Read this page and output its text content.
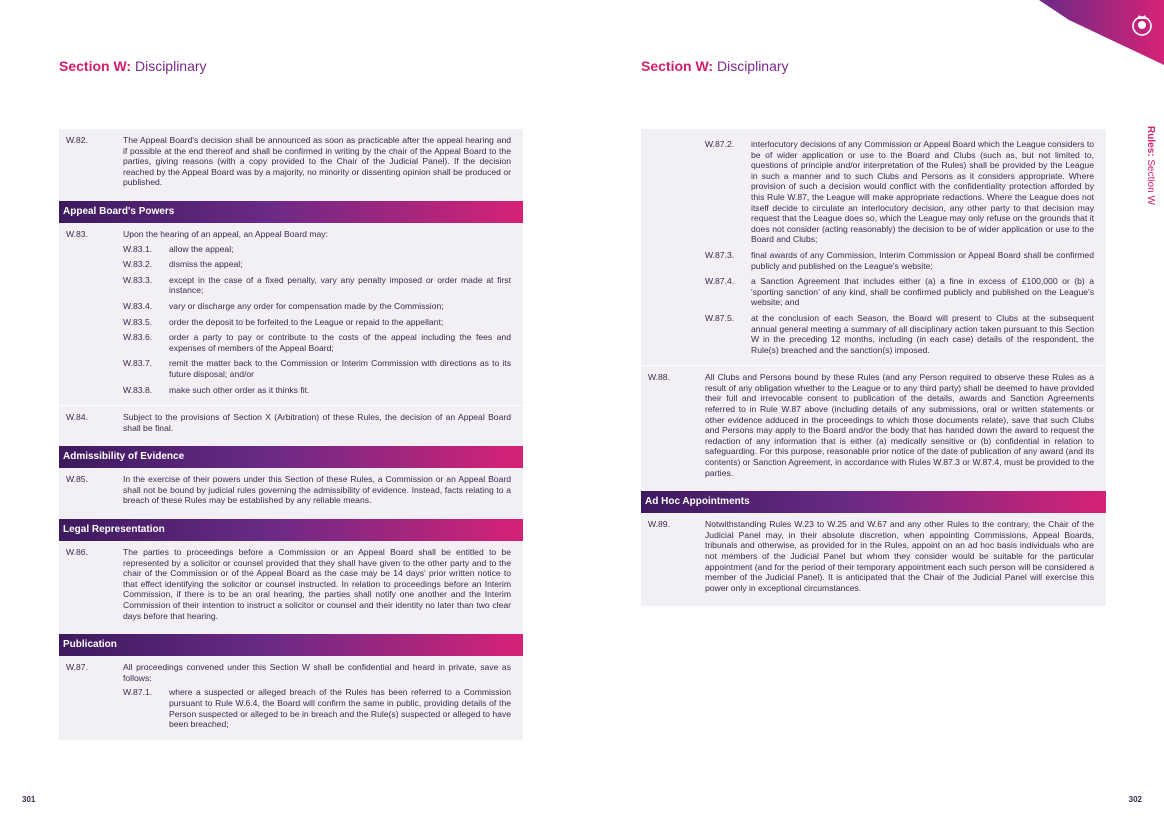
Section W: Disciplinary	Section W: Disciplinary
Rules: Section W
W.82.	The Appeal Board's decision shall be announced as soon as practicable after the appeal hearing and if possible at the end thereof and shall be confirmed in writing by the chair of the Appeal Board to the parties, giving reasons (with a copy provided to the Chair of the Judicial Panel). If the decision reached by the Appeal Board was by a majority, no minority or dissenting opinion shall be produced or published.
Appeal Board's Powers
W.83.	Upon the hearing of an appeal, an Appeal Board may:
W.83.1.	allow the appeal;
W.83.2.	dismiss the appeal;
W.83.3.	except in the case of a fixed penalty, vary any penalty imposed or order made at first instance;
W.83.4.	vary or discharge any order for compensation made by the Commission;
W.83.5.	order the deposit to be forfeited to the League or repaid to the appellant;
W.83.6.	order a party to pay or contribute to the costs of the appeal including the fees and expenses of members of the Appeal Board;
W.83.7.	remit the matter back to the Commission or Interim Commission with directions as to its future disposal; and/or
W.83.8.	make such other order as it thinks fit.
W.84.	Subject to the provisions of Section X (Arbitration) of these Rules, the decision of an Appeal Board shall be final.
Admissibility of Evidence
W.85.	In the exercise of their powers under this Section of these Rules, a Commission or an Appeal Board shall not be bound by judicial rules governing the admissibility of evidence. Instead, facts relating to a breach of these Rules may be established by any reliable means.
Legal Representation
W.86.	The parties to proceedings before a Commission or an Appeal Board shall be entitled to be represented by a solicitor or counsel provided that they shall have given to the other party and to the chair of the Commission or of the Appeal Board as the case may be 14 days' prior written notice to that effect identifying the solicitor or counsel instructed. In relation to proceedings before an Interim Commission, if there is to be an oral hearing, the parties shall notify one another and the Interim Commission of their intention to instruct a solicitor or counsel and their identity no later than two clear days before that hearing.
Publication
W.87.	All proceedings convened under this Section W shall be confidential and heard in private, save as follows:
W.87.1.	where a suspected or alleged breach of the Rules has been referred to a Commission pursuant to Rule W.6.4, the Board will confirm the same in public, providing details of the Person suspected or alleged to be in breach and the Rule(s) suspected or alleged to have been breached;
W.87.2.	interlocutory decisions of any Commission or Appeal Board which the League considers to be of wider application or use to the Board and Clubs (such as, but not limited to, questions of principle and/or interpretation of the Rules) shall be provided by the League in such a manner and to such Clubs and Persons as it considers appropriate. Where provision of such a decision would conflict with the confidentiality protection afforded by this Rule W.87, the League will make appropriate redactions. Where the League does not itself decide to circulate an interlocutory decision, any other party to that decision may request that the League does so, which the League may only refuse on the grounds that it does not consider (acting reasonably) the decision to be of wider application or use to the Board and Clubs;
W.87.3.	final awards of any Commission, Interim Commission or Appeal Board shall be confirmed publicly and published on the League's website;
W.87.4.	a Sanction Agreement that includes either (a) a fine in excess of £100,000 or (b) a 'sporting sanction' of any kind, shall be confirmed publicly and published on the League's website; and
W.87.5.	at the conclusion of each Season, the Board will present to Clubs at the subsequent annual general meeting a summary of all disciplinary action taken pursuant to this Section W in the preceding 12 months, including (in each case) details of the respondent, the Rule(s) breached and the sanction(s) imposed.
W.88.	All Clubs and Persons bound by these Rules (and any Person required to observe these Rules as a result of any obligation whether to the League or to any third party) shall be deemed to have provided their full and irrevocable consent to publication of the details, awards and Sanction Agreements referred to in Rule W.87 above (including details of any submissions, oral or written statements or other evidence adduced in the proceedings to which those documents relate), save that such Clubs and Persons may apply to the Board and/or the body that has handed down the award to request the redaction of any information that is either (a) medically sensitive or (b) confidential in relation to safeguarding. For this purpose, reasonable prior notice of the date of publication of any award (and its contents) or Sanction Agreement, in accordance with Rules W.87.3 or W.87.4, must be provided to the parties.
Ad Hoc Appointments
W.89.	Notwithstanding Rules W.23 to W.25 and W.67 and any other Rules to the contrary, the Chair of the Judicial Panel may, in their absolute discretion, when appointing Commissions, Appeal Boards, tribunals and otherwise, as provided for in the Rules, appoint on an ad hoc basis individuals who are not members of the Judicial Panel but whom they consider would be suitable for the particular appointment (and for the period of their temporary appointment each such person will be considered a member of the Judicial Panel). It is anticipated that the Chair of the Judicial Panel will exercise this power only in exceptional circumstances.
301	302
